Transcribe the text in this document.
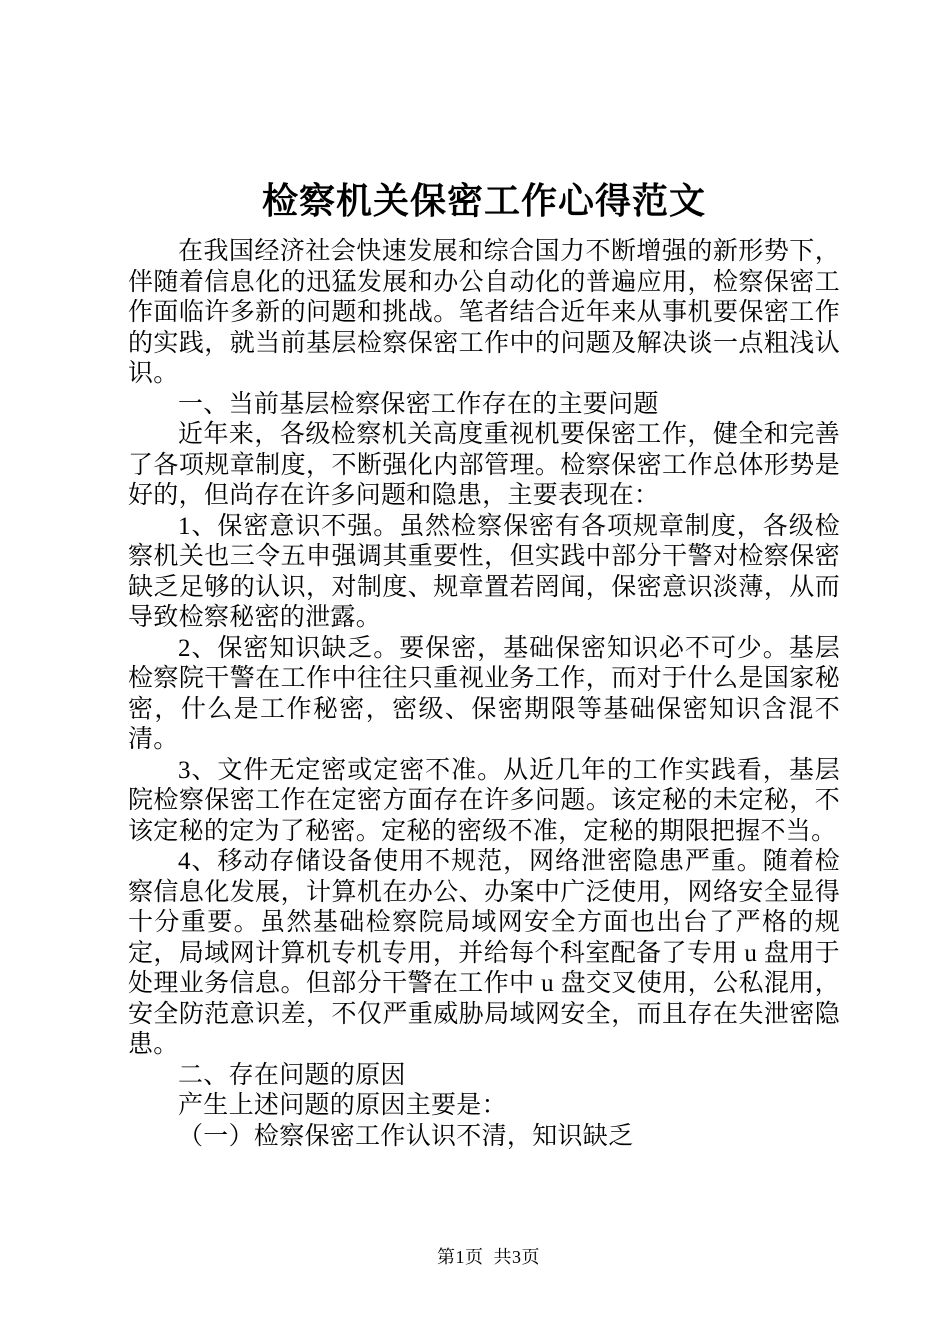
检察机关保密工作心得范文

在我国经济社会快速发展和综合国力不断增强的新形势下，伴随着信息化的迅猛发展和办公自动化的普遍应用，检察保密工作面临许多新的问题和挑战。笔者结合近年来从事机要保密工作的实践，就当前基层检察保密工作中的问题及解决谈一点粗浅认识。

一、当前基层检察保密工作存在的主要问题

近年来，各级检察机关高度重视机要保密工作，健全和完善了各项规章制度，不断强化内部管理。检察保密工作总体形势是好的，但尚存在许多问题和隐患，主要表现在：

1、保密意识不强。虽然检察保密有各项规章制度，各级检察机关也三令五申强调其重要性，但实践中部分干警对检察保密缺乏足够的认识，对制度、规章置若罔闻，保密意识淡薄，从而导致检察秘密的泄露。

2、保密知识缺乏。要保密，基础保密知识必不可少。基层检察院干警在工作中往往只重视业务工作，而对于什么是国家秘密，什么是工作秘密，密级、保密期限等基础保密知识含混不清。

3、文件无定密或定密不准。从近几年的工作实践看，基层院检察保密工作在定密方面存在许多问题。该定秘的未定秘，不该定秘的定为了秘密。定秘的密级不准，定秘的期限把握不当。

4、移动存储设备使用不规范，网络泄密隐患严重。随着检察信息化发展，计算机在办公、办案中广泛使用，网络安全显得十分重要。虽然基础检察院局域网安全方面也出台了严格的规定，局域网计算机专机专用，并给每个科室配备了专用 u 盘用于处理业务信息。但部分干警在工作中 u 盘交叉使用，公私混用，安全防范意识差，不仅严重威胁局域网安全，而且存在失泄密隐患。

二、存在问题的原因

产生上述问题的原因主要是：

（一）检察保密工作认识不清，知识缺乏

第1页 共3页
